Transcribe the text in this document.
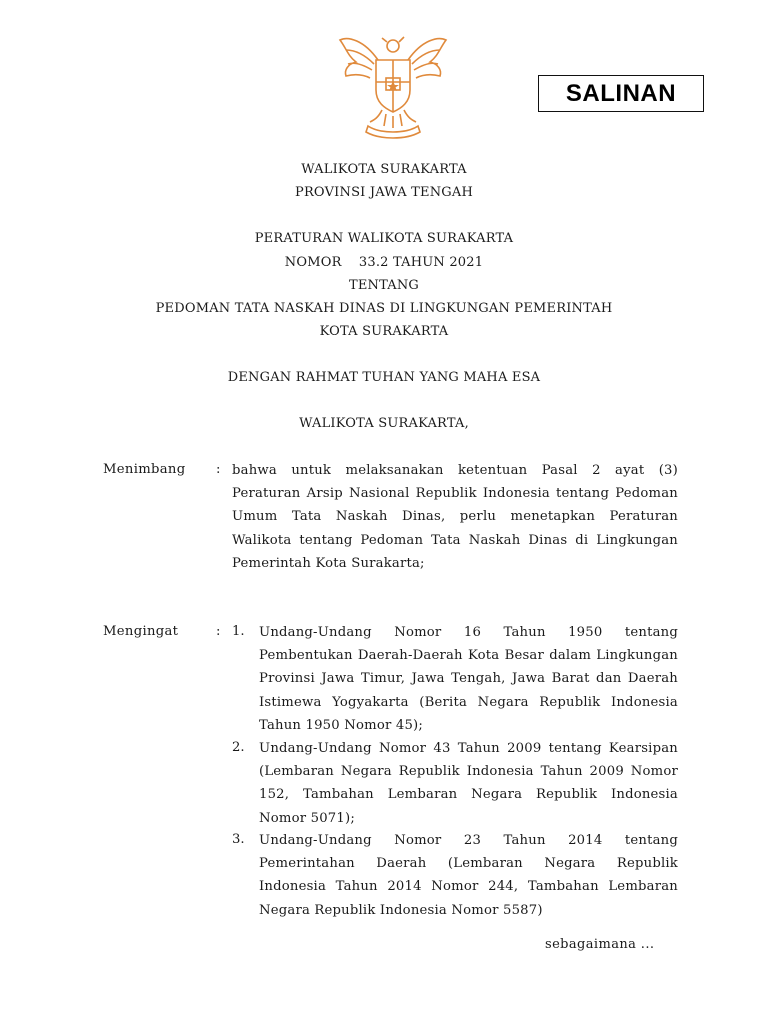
SALINAN
WALIKOTA SURAKARTA
PROVINSI JAWA TENGAH
PERATURAN WALIKOTA SURAKARTA
NOMOR    33.2 TAHUN 2021
TENTANG
PEDOMAN TATA NASKAH DINAS DI LINGKUNGAN PEMERINTAH
KOTA SURAKARTA
DENGAN RAHMAT TUHAN YANG MAHA ESA
WALIKOTA SURAKARTA,
Menimbang : bahwa untuk melaksanakan ketentuan Pasal 2 ayat (3) Peraturan Arsip Nasional Republik Indonesia tentang Pedoman Umum Tata Naskah Dinas, perlu menetapkan Peraturan Walikota tentang Pedoman Tata Naskah Dinas di Lingkungan Pemerintah Kota Surakarta;
Mengingat	: 1. Undang-Undang Nomor 16 Tahun 1950 tentang Pembentukan Daerah-Daerah Kota Besar dalam Lingkungan Provinsi Jawa Timur, Jawa Tengah, Jawa Barat dan Daerah Istimewa Yogyakarta (Berita Negara Republik Indonesia Tahun 1950 Nomor 45);
2. Undang-Undang Nomor 43 Tahun 2009 tentang Kearsipan (Lembaran Negara Republik Indonesia Tahun 2009 Nomor 152, Tambahan Lembaran Negara Republik Indonesia Nomor 5071);
3. Undang-Undang Nomor 23 Tahun 2014 tentang Pemerintahan Daerah (Lembaran Negara Republik Indonesia Tahun 2014 Nomor 244, Tambahan Lembaran Negara Republik Indonesia Nomor 5587)
sebagaimana ...
